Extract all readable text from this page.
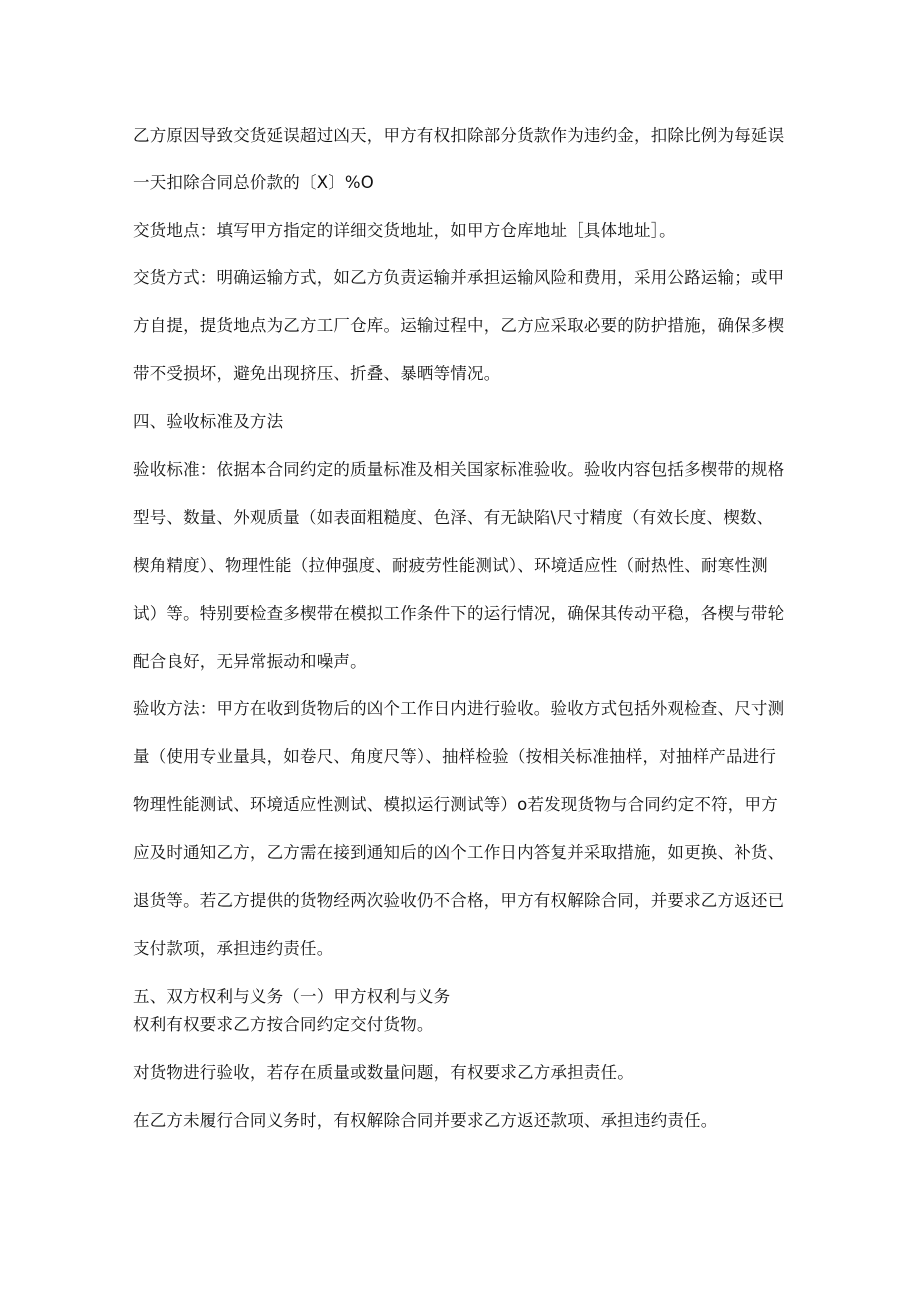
乙方原因导致交货延误超过凶天，甲方有权扣除部分货款作为违约金，扣除比例为每延误

一天扣除合同总价款的〔X〕%O

交货地点：填写甲方指定的详细交货地址，如甲方仓库地址［具体地址］。

交货方式：明确运输方式，如乙方负责运输并承担运输风险和费用，采用公路运输；或甲

方自提，提货地点为乙方工厂仓库。运输过程中，乙方应采取必要的防护措施，确保多楔

带不受损坏，避免出现挤压、折叠、暴晒等情况。

四、验收标准及方法

验收标准：依据本合同约定的质量标准及相关国家标准验收。验收内容包括多楔带的规格

型号、数量、外观质量（如表面粗糙度、色泽、有无缺陷\尺寸精度（有效长度、楔数、

楔角精度）、物理性能（拉伸强度、耐疲劳性能测试）、环境适应性（耐热性、耐寒性测

试）等。特别要检查多楔带在模拟工作条件下的运行情况，确保其传动平稳，各楔与带轮

配合良好，无异常振动和噪声。

验收方法：甲方在收到货物后的凶个工作日内进行验收。验收方式包括外观检查、尺寸测

量（使用专业量具，如卷尺、角度尺等）、抽样检验（按相关标准抽样，对抽样产品进行

物理性能测试、环境适应性测试、模拟运行测试等）o若发现货物与合同约定不符，甲方

应及时通知乙方，乙方需在接到通知后的凶个工作日内答复并采取措施，如更换、补货、

退货等。若乙方提供的货物经两次验收仍不合格，甲方有权解除合同，并要求乙方返还已

支付款项，承担违约责任。

五、双方权利与义务（一）甲方权利与义务

权利有权要求乙方按合同约定交付货物。

对货物进行验收，若存在质量或数量问题，有权要求乙方承担责任。

在乙方未履行合同义务时，有权解除合同并要求乙方返还款项、承担违约责任。
